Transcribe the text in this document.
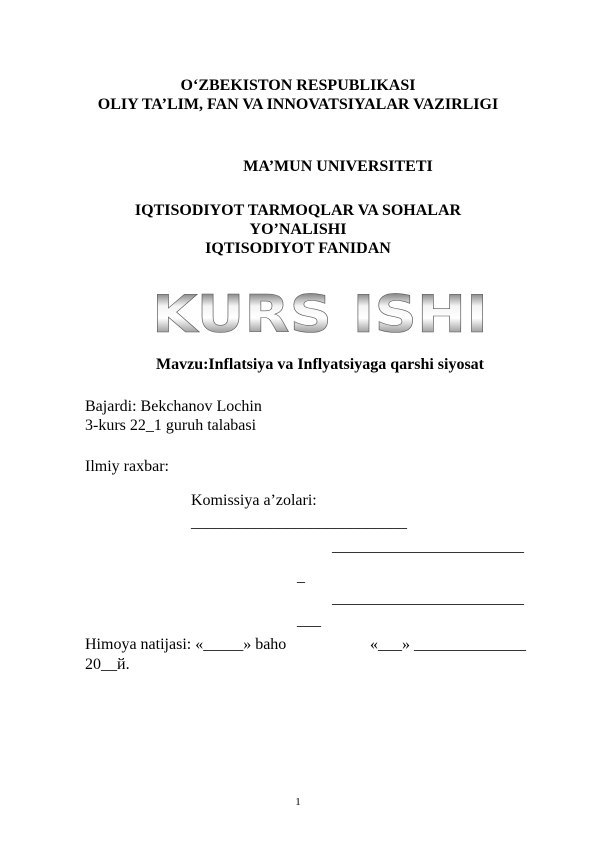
O‘ZBEKISTON RESPUBLIKASI
OLIY TA’LIM, FAN VA INNOVATSIYALAR VAZIRLIGI
MA’MUN UNIVERSITETI
IQTISODIYOT TARMOQLAR VA SOHALAR
YO’NALISHI
IQTISODIYOT FANIDAN
KURS ISHI
Mavzu:Inflatsiya va Inflyatsiyaga qarshi siyosat
Bajardi: Bekchanov Lochin
3-kurs 22_1 guruh talabasi
Ilmiy raxbar:
Komissiya a’zolari:
___________________________
________________________
_
________________________
___
Himoya natijasi: «_____» baho	«___» ______________
20__й.
1
